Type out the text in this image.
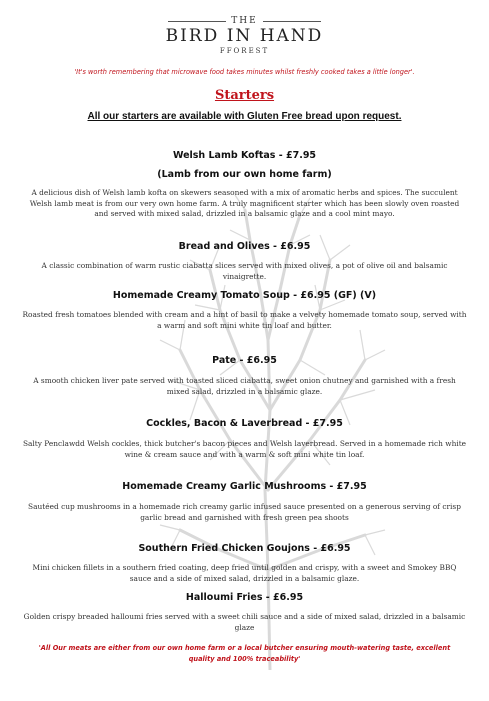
THE
BIRD IN HAND
FFOREST
'It's worth remembering that microwave food takes minutes whilst freshly cooked takes a little longer'.
Starters
All our starters are available with Gluten Free bread upon request.
Welsh Lamb Koftas - £7.95
(Lamb from our own home farm)
A delicious dish of Welsh lamb kofta on skewers seasoned with a mix of aromatic herbs and spices. The succulent Welsh lamb meat is from our very own home farm. A truly magnificent starter which has been slowly oven roasted and served with mixed salad, drizzled in a balsamic glaze and a cool mint mayo.
Bread and Olives - £6.95
A classic combination of warm rustic ciabatta slices served with mixed olives, a pot of olive oil and balsamic vinaigrette.
Homemade Creamy Tomato Soup - £6.95 (GF) (V)
Roasted fresh tomatoes blended with cream and a hint of basil to make a velvety homemade tomato soup, served with a warm and soft mini white tin loaf and butter.
Pate - £6.95
A smooth chicken liver pate served with toasted sliced ciabatta, sweet onion chutney and garnished with a fresh mixed salad, drizzled in a balsamic glaze.
Cockles, Bacon & Laverbread - £7.95
Salty Penclawdd Welsh cockles, thick butcher's bacon pieces and Welsh laverbread. Served in a homemade rich white wine & cream sauce and with a warm & soft mini white tin loaf.
Homemade Creamy Garlic Mushrooms - £7.95
Sautéed cup mushrooms in a homemade rich creamy garlic infused sauce presented on a generous serving of crisp garlic bread and garnished with fresh green pea shoots
Southern Fried Chicken Goujons - £6.95
Mini chicken fillets in a southern fried coating, deep fried until golden and crispy, with a sweet and Smokey BBQ sauce and a side of mixed salad, drizzled in a balsamic glaze.
Halloumi Fries - £6.95
Golden crispy breaded halloumi fries served with a sweet chili sauce and a side of mixed salad, drizzled in a balsamic glaze
'All Our meats are either from our own home farm or a local butcher ensuring mouth-watering taste, excellent quality and 100% traceability'
